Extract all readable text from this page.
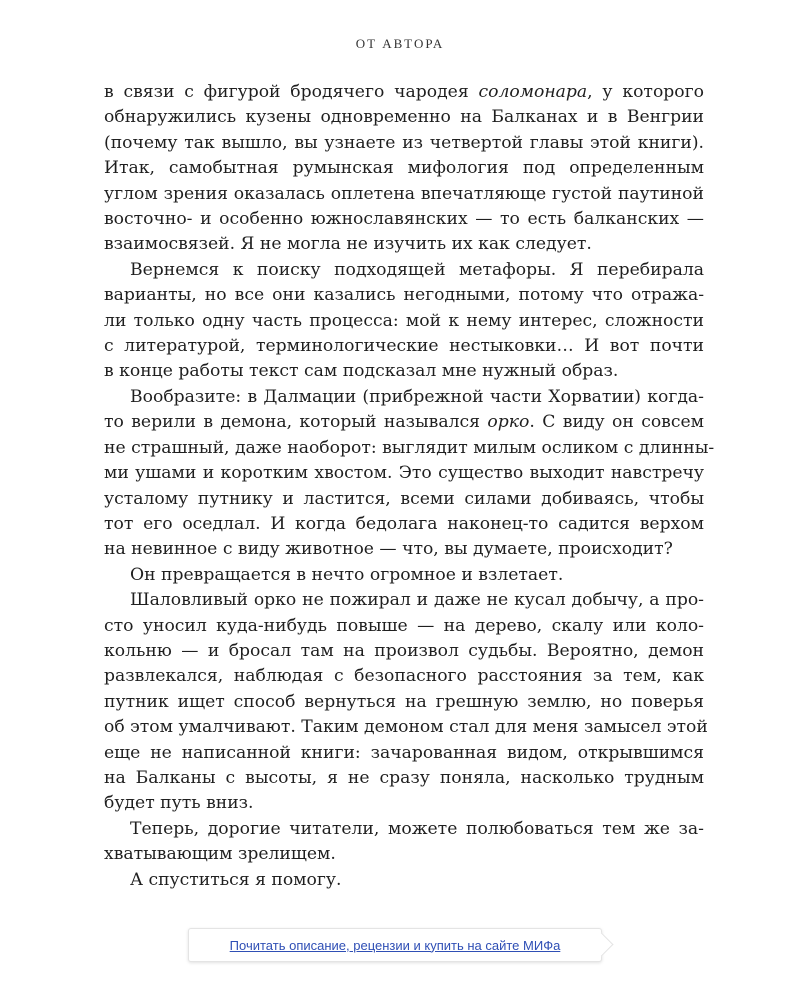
ОТ АВТОРА
в связи с фигурой бродячего чародея соломонара, у которого
обнаружились кузены одновременно на Балканах и в Венгрии
(почему так вышло, вы узнаете из четвертой главы этой книги).
Итак, самобытная румынская мифология под определенным
углом зрения оказалась оплетена впечатляюще густой паутиной
восточно- и особенно южнославянских — то есть балканских —
взаимосвязей. Я не могла не изучить их как следует.
Вернемся к поиску подходящей метафоры. Я перебирала
варианты, но все они казались негодными, потому что отража-
ли только одну часть процесса: мой к нему интерес, сложности
с литературой, терминологические нестыковки… И вот почти
в конце работы текст сам подсказал мне нужный образ.
Вообразите: в Далмации (прибрежной части Хорватии) когда-
то верили в демона, который назывался орко. С виду он совсем
не страшный, даже наоборот: выглядит милым осликом с длинны-
ми ушами и коротким хвостом. Это существо выходит навстречу
усталому путнику и ластится, всеми силами добиваясь, чтобы
тот его оседлал. И когда бедолага наконец-то садится верхом
на невинное с виду животное — что, вы думаете, происходит?
Он превращается в нечто огромное и взлетает.
Шаловливый орко не пожирал и даже не кусал добычу, а про-
сто уносил куда-нибудь повыше — на дерево, скалу или коло-
кольню — и бросал там на произвол судьбы. Вероятно, демон
развлекался, наблюдая с безопасного расстояния за тем, как
путник ищет способ вернуться на грешную землю, но поверья
об этом умалчивают. Таким демоном стал для меня замысел этой
еще не написанной книги: зачарованная видом, открывшимся
на Балканы с высоты, я не сразу поняла, насколько трудным
будет путь вниз.
Теперь, дорогие читатели, можете полюбоваться тем же за-
хватывающим зрелищем.
А спуститься я помогу.
Почитать описание, рецензии и купить на сайте МИФа
